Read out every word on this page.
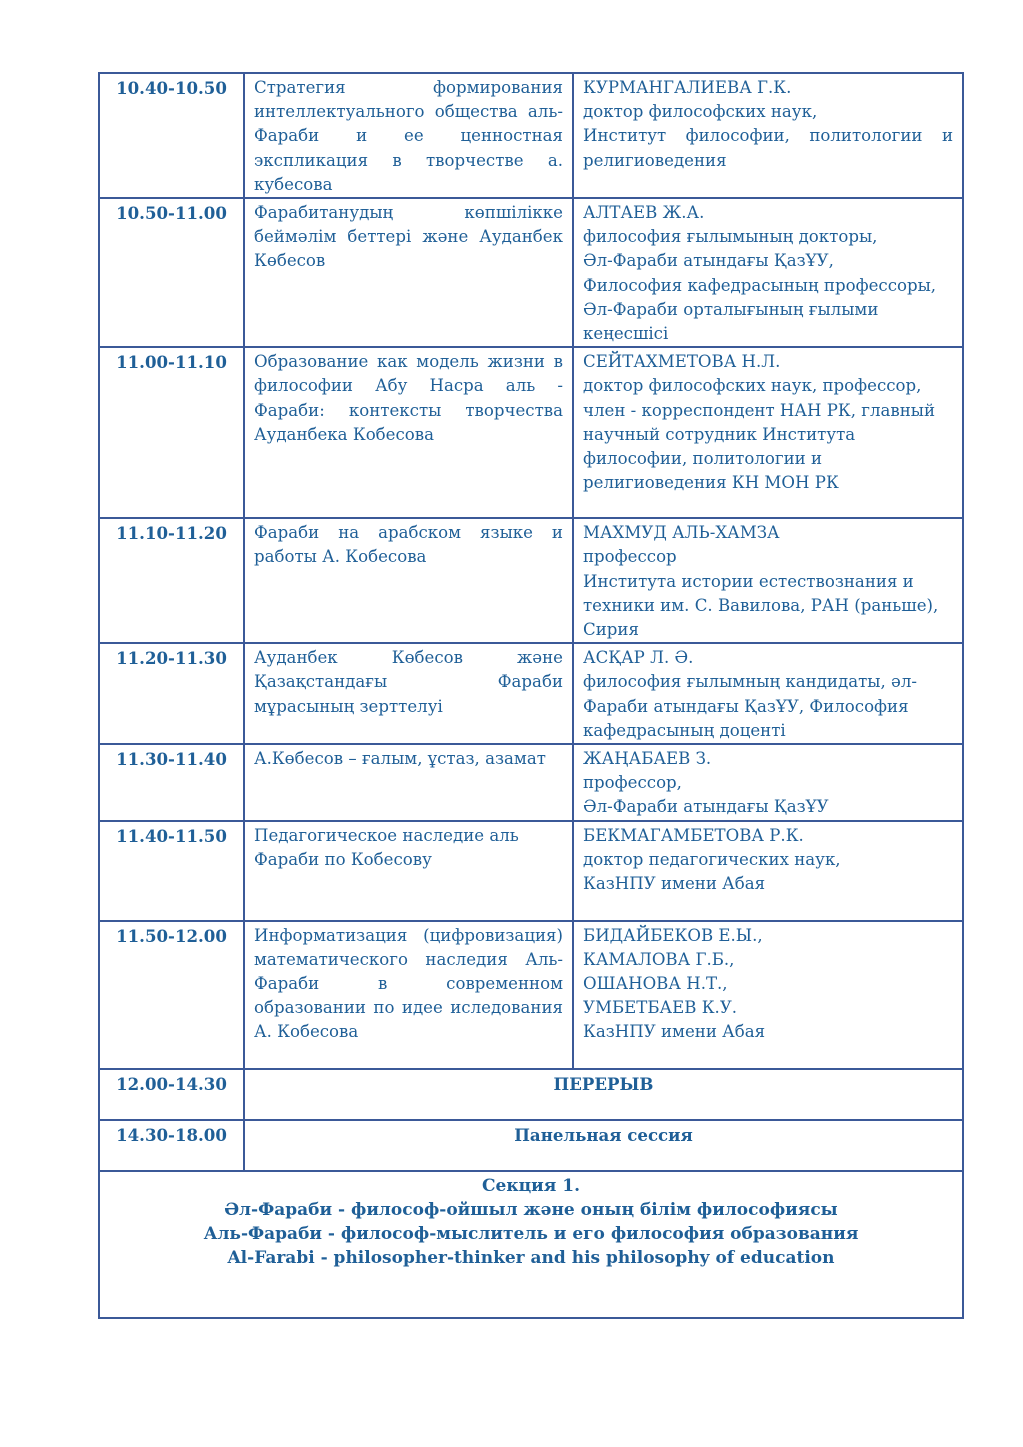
10.40-10.50	Стратегия формирования интеллектуального общества аль-Фараби и ее ценностная экспликация в творчестве а. кубесова	КУРМАНГАЛИЕВА Г.К.
доктор философских наук,
Институт философии, политологии и религиоведения

10.50-11.00	Фарабитанудың көпшілікке беймәлім беттері және Ауданбек Көбесов	АЛТАЕВ Ж.А.
философия ғылымының докторы,
Әл-Фараби атындағы ҚазҰУ,
Философия кафедрасының профессоры, Әл-Фараби орталығының ғылыми кеңесшісі

11.00-11.10	Образование как модель жизни в философии Абу Насра аль - Фараби: контексты творчества Ауданбека Кобесова	СЕЙТАХМЕТОВА Н.Л.
доктор философских наук, профессор, член - корреспондент НАН РК, главный научный сотрудник Института философии, политологии и религиоведения КН МОН РК

11.10-11.20	Фараби на арабском языке и работы А. Кобесова	МАХМУД АЛЬ-ХАМЗА
профессор
Института истории естествознания и техники им. С. Вавилова, РАН (раньше), Сирия

11.20-11.30	Ауданбек Көбесов және Қазақстандағы Фараби мұрасының зерттелуі	АСҚАР Л. Ә.
философия ғылымның кандидаты, әл-Фараби атындағы ҚазҰУ, Философия кафедрасының доценті

11.30-11.40	А.Көбесов – ғалым, ұстаз, азамат	ЖАҢАБАЕВ З.
профессор,
Әл-Фараби атындағы ҚазҰУ

11.40-11.50	Педагогическое наследие аль Фараби по Кобесову	БЕКМАГАМБЕТОВА Р.К.
доктор педагогических наук,
КазНПУ имени Абая

11.50-12.00	Информатизация (цифровизация) математического наследия Аль-Фараби в современном образовании по идее иследования А. Кобесова	БИДАЙБЕКОВ Е.Ы.,
КАМАЛОВА Г.Б.,
ОШАНОВА Н.Т.,
УМБЕТБАЕВ К.У.
КазНПУ имени Абая

12.00-14.30	ПЕРЕРЫВ	
14.30-18.00	Панельная сессия	

Секция 1.
Әл-Фараби - философ-ойшыл және оның білім философиясы
Аль-Фараби - философ-мыслитель и его философия образования
Al-Farabi - philosopher-thinker and his philosophy of education		
